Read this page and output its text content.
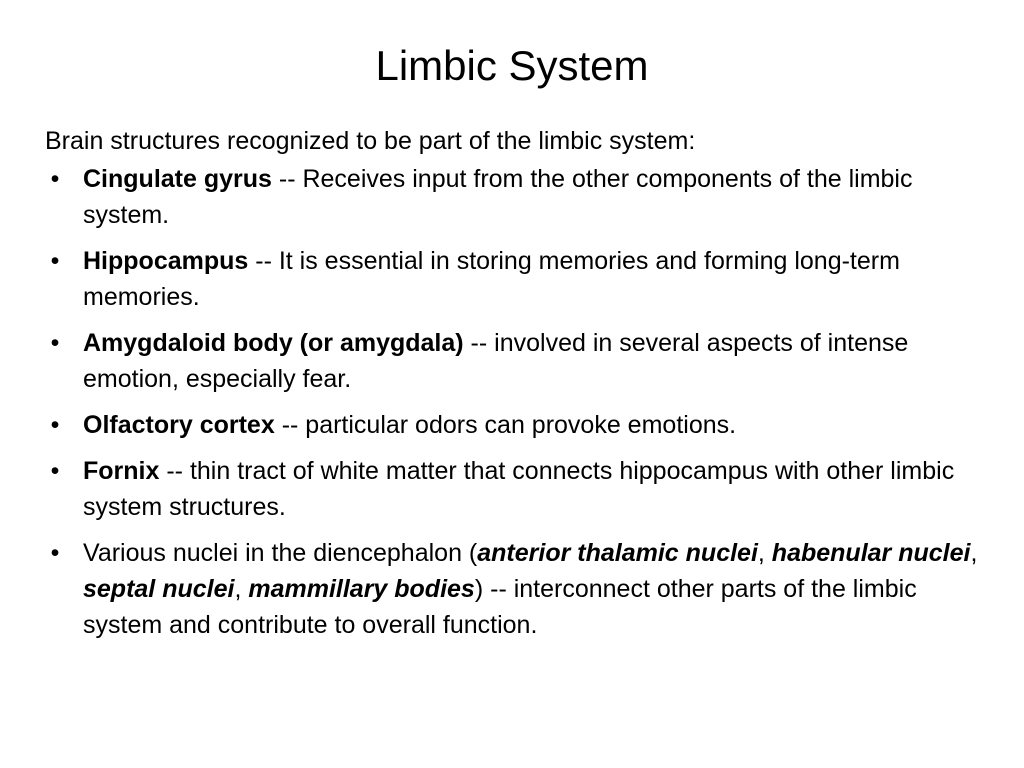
Limbic System
Brain structures recognized to be part of the limbic system:
• Cingulate gyrus -- Receives input from the other components of the limbic system.
• Hippocampus -- It is essential in storing memories and forming long-term memories.
• Amygdaloid body (or amygdala) -- involved in several aspects of intense emotion, especially fear.
• Olfactory cortex -- particular odors can provoke emotions.
• Fornix -- thin tract of white matter that connects hippocampus with other limbic system structures.
• Various nuclei in the diencephalon (anterior thalamic nuclei, habenular nuclei, septal nuclei, mammillary bodies) -- interconnect other parts of the limbic system and contribute to overall function.
